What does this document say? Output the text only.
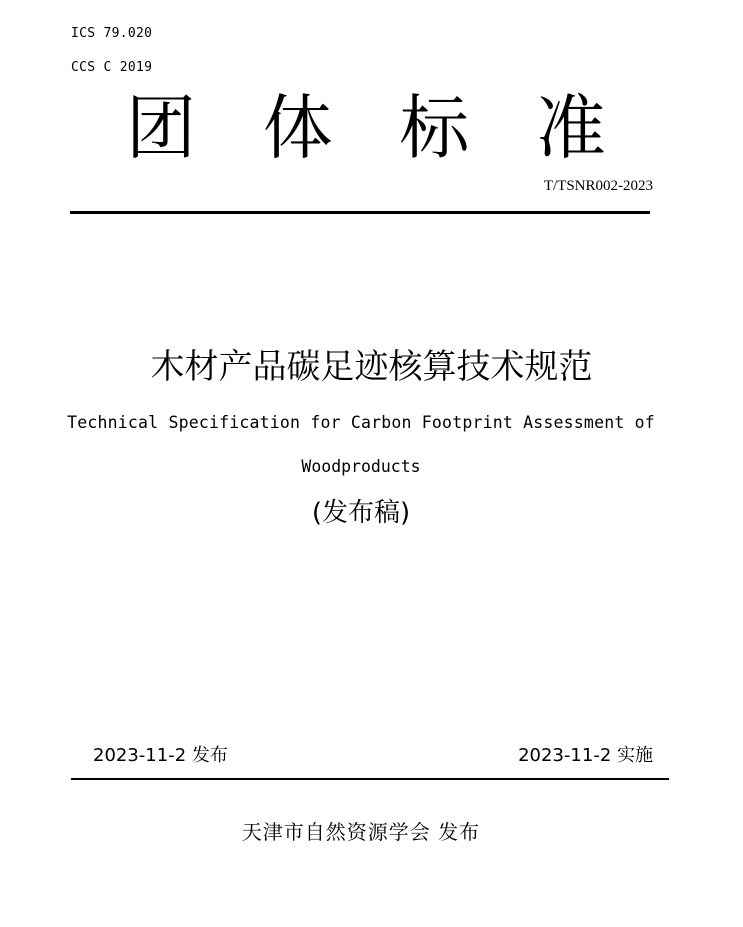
ICS 79.020
CCS C 2019
团 体 标 准
T/TSNR002-2023
木材产品碳足迹核算技术规范
Technical Specification for Carbon Footprint Assessment of
Woodproducts
(发布稿)
2023-11-2 发布	2023-11-2 实施
天津市自然资源学会 发布
